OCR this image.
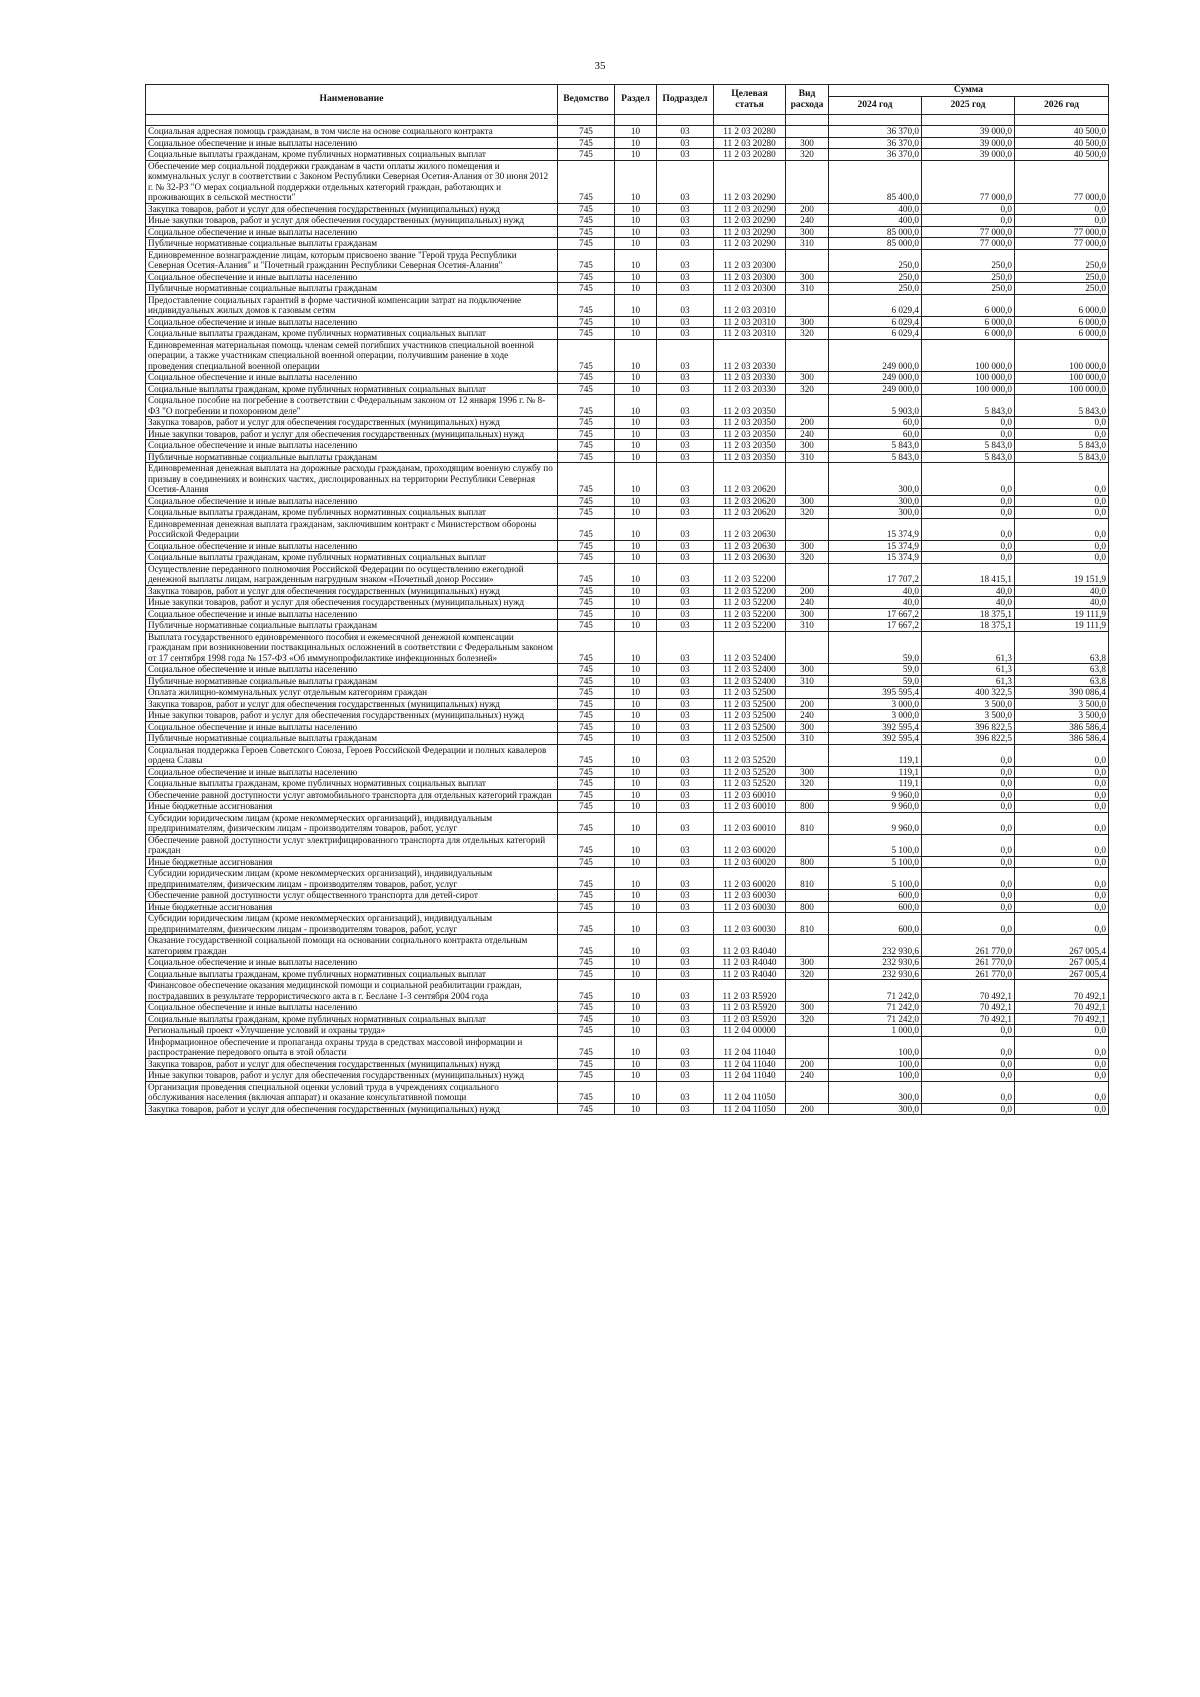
35
Наименование	Ведомство	Раздел	Подраздел	Целевая статья	Вид расхода	Сумма		
						2024 год	2025 год	2026 год

Социальная адресная помощь гражданам, в том числе на основе социального контракта	745	10	03	11 2 03 20280		36 370,0	39 000,0	40 500,0
Социальное обеспечение и иные выплаты населению	745	10	03	11 2 03 20280	300	36 370,0	39 000,0	40 500,0
Социальные выплаты гражданам, кроме публичных нормативных социальных выплат	745	10	03	11 2 03 20280	320	36 370,0	39 000,0	40 500,0
Обеспечение мер социальной поддержки гражданам в части оплаты жилого помещения и коммунальных услуг в соответствии с Законом Республики Северная Осетия-Алания от 30 июня 2012 г. № 32-РЗ "О мерах социальной поддержки отдельных категорий граждан, работающих и проживающих в сельской местности"	745	10	03	11 2 03 20290		85 400,0	77 000,0	77 000,0
Закупка товаров, работ и услуг для обеспечения государственных (муниципальных) нужд	745	10	03	11 2 03 20290	200	400,0	0,0	0,0
Иные закупки товаров, работ и услуг для обеспечения государственных (муниципальных) нужд	745	10	03	11 2 03 20290	240	400,0	0,0	0,0
Социальное обеспечение и иные выплаты населению	745	10	03	11 2 03 20290	300	85 000,0	77 000,0	77 000,0
Публичные нормативные социальные выплаты гражданам	745	10	03	11 2 03 20290	310	85 000,0	77 000,0	77 000,0
Единовременное вознаграждение лицам, которым присвоено звание "Герой труда Республики Северная Осетия-Алания" и "Почетный гражданин Республики Северная Осетия-Алания"	745	10	03	11 2 03 20300		250,0	250,0	250,0
Социальное обеспечение и иные выплаты населению	745	10	03	11 2 03 20300	300	250,0	250,0	250,0
Публичные нормативные социальные выплаты гражданам	745	10	03	11 2 03 20300	310	250,0	250,0	250,0
Предоставление социальных гарантий в форме частичной компенсации затрат на подключение индивидуальных жилых домов к газовым сетям	745	10	03	11 2 03 20310		6 029,4	6 000,0	6 000,0
Социальное обеспечение и иные выплаты населению	745	10	03	11 2 03 20310	300	6 029,4	6 000,0	6 000,0
Социальные выплаты гражданам, кроме публичных нормативных социальных выплат	745	10	03	11 2 03 20310	320	6 029,4	6 000,0	6 000,0
Единовременная материальная помощь членам семей погибших участников специальной военной операции, а также участникам специальной военной операции, получившим ранение в ходе проведения специальной военной операции	745	10	03	11 2 03 20330		249 000,0	100 000,0	100 000,0
Социальное обеспечение и иные выплаты населению	745	10	03	11 2 03 20330	300	249 000,0	100 000,0	100 000,0
Социальные выплаты гражданам, кроме публичных нормативных социальных выплат	745	10	03	11 2 03 20330	320	249 000,0	100 000,0	100 000,0
Социальное пособие на погребение в соответствии с Федеральным законом от 12 января 1996 г. № 8-ФЗ "О погребении и похоронном деле"	745	10	03	11 2 03 20350		5 903,0	5 843,0	5 843,0
Закупка товаров, работ и услуг для обеспечения государственных (муниципальных) нужд	745	10	03	11 2 03 20350	200	60,0	0,0	0,0
Иные закупки товаров, работ и услуг для обеспечения государственных (муниципальных) нужд	745	10	03	11 2 03 20350	240	60,0	0,0	0,0
Социальное обеспечение и иные выплаты населению	745	10	03	11 2 03 20350	300	5 843,0	5 843,0	5 843,0
Публичные нормативные социальные выплаты гражданам	745	10	03	11 2 03 20350	310	5 843,0	5 843,0	5 843,0
Единовременная денежная выплата на дорожные расходы гражданам, проходящим военную службу по призыву в соединениях и воинских частях, дислоцированных на территории Республики Северная Осетия-Алания	745	10	03	11 2 03 20620		300,0	0,0	0,0
Социальное обеспечение и иные выплаты населению	745	10	03	11 2 03 20620	300	300,0	0,0	0,0
Социальные выплаты гражданам, кроме публичных нормативных социальных выплат	745	10	03	11 2 03 20620	320	300,0	0,0	0,0
Единовременная денежная выплата гражданам, заключившим контракт с Министерством обороны Российской Федерации	745	10	03	11 2 03 20630		15 374,9	0,0	0,0
Социальное обеспечение и иные выплаты населению	745	10	03	11 2 03 20630	300	15 374,9	0,0	0,0
Социальные выплаты гражданам, кроме публичных нормативных социальных выплат	745	10	03	11 2 03 20630	320	15 374,9	0,0	0,0
Осуществление переданного полномочия Российской Федерации по осуществлению ежегодной денежной выплаты лицам, награжденным нагрудным знаком «Почетный донор России»	745	10	03	11 2 03 52200		17 707,2	18 415,1	19 151,9
Закупка товаров, работ и услуг для обеспечения государственных (муниципальных) нужд	745	10	03	11 2 03 52200	200	40,0	40,0	40,0
Иные закупки товаров, работ и услуг для обеспечения государственных (муниципальных) нужд	745	10	03	11 2 03 52200	240	40,0	40,0	40,0
Социальное обеспечение и иные выплаты населению	745	10	03	11 2 03 52200	300	17 667,2	18 375,1	19 111,9
Публичные нормативные социальные выплаты гражданам	745	10	03	11 2 03 52200	310	17 667,2	18 375,1	19 111,9
Выплата государственного единовременного пособия и ежемесячной денежной компенсации гражданам при возникновении поствакцинальных осложнений в соответствии с Федеральным законом от 17 сентября 1998 года № 157-ФЗ «Об иммунопрофилактике инфекционных болезней»	745	10	03	11 2 03 52400		59,0	61,3	63,8
Социальное обеспечение и иные выплаты населению	745	10	03	11 2 03 52400	300	59,0	61,3	63,8
Публичные нормативные социальные выплаты гражданам	745	10	03	11 2 03 52400	310	59,0	61,3	63,8
Оплата жилищно-коммунальных услуг отдельным категориям граждан	745	10	03	11 2 03 52500		395 595,4	400 322,5	390 086,4
Закупка товаров, работ и услуг для обеспечения государственных (муниципальных) нужд	745	10	03	11 2 03 52500	200	3 000,0	3 500,0	3 500,0
Иные закупки товаров, работ и услуг для обеспечения государственных (муниципальных) нужд	745	10	03	11 2 03 52500	240	3 000,0	3 500,0	3 500,0
Социальное обеспечение и иные выплаты населению	745	10	03	11 2 03 52500	300	392 595,4	396 822,5	386 586,4
Публичные нормативные социальные выплаты гражданам	745	10	03	11 2 03 52500	310	392 595,4	396 822,5	386 586,4
Социальная поддержка Героев Советского Союза, Героев Российской Федерации и полных кавалеров ордена Славы	745	10	03	11 2 03 52520		119,1	0,0	0,0
Социальное обеспечение и иные выплаты населению	745	10	03	11 2 03 52520	300	119,1	0,0	0,0
Социальные выплаты гражданам, кроме публичных нормативных социальных выплат	745	10	03	11 2 03 52520	320	119,1	0,0	0,0
Обеспечение равной доступности услуг автомобильного транспорта для отдельных категорий граждан	745	10	03	11 2 03 60010		9 960,0	0,0	0,0
Иные бюджетные ассигнования	745	10	03	11 2 03 60010	800	9 960,0	0,0	0,0
Субсидии юридическим лицам (кроме некоммерческих организаций), индивидуальным предпринимателям, физическим лицам - производителям товаров, работ, услуг	745	10	03	11 2 03 60010	810	9 960,0	0,0	0,0
Обеспечение равной доступности услуг электрифицированного транспорта для отдельных категорий граждан	745	10	03	11 2 03 60020		5 100,0	0,0	0,0
Иные бюджетные ассигнования	745	10	03	11 2 03 60020	800	5 100,0	0,0	0,0
Субсидии юридическим лицам (кроме некоммерческих организаций), индивидуальным предпринимателям, физическим лицам - производителям товаров, работ, услуг	745	10	03	11 2 03 60020	810	5 100,0	0,0	0,0
Обеспечение равной доступности услуг общественного транспорта для детей-сирот	745	10	03	11 2 03 60030		600,0	0,0	0,0
Иные бюджетные ассигнования	745	10	03	11 2 03 60030	800	600,0	0,0	0,0
Субсидии юридическим лицам (кроме некоммерческих организаций), индивидуальным предпринимателям, физическим лицам - производителям товаров, работ, услуг	745	10	03	11 2 03 60030	810	600,0	0,0	0,0
Оказание государственной социальной помощи на основании социального контракта отдельным категориям граждан	745	10	03	11 2 03 R4040		232 930,6	261 770,0	267 005,4
Социальное обеспечение и иные выплаты населению	745	10	03	11 2 03 R4040	300	232 930,6	261 770,0	267 005,4
Социальные выплаты гражданам, кроме публичных нормативных социальных выплат	745	10	03	11 2 03 R4040	320	232 930,6	261 770,0	267 005,4
Финансовое обеспечение оказания медицинской помощи и социальной реабилитации граждан, пострадавших в результате террористического акта в г. Беслане 1-3 сентября 2004 года	745	10	03	11 2 03 R5920		71 242,0	70 492,1	70 492,1
Социальное обеспечение и иные выплаты населению	745	10	03	11 2 03 R5920	300	71 242,0	70 492,1	70 492,1
Социальные выплаты гражданам, кроме публичных нормативных социальных выплат	745	10	03	11 2 03 R5920	320	71 242,0	70 492,1	70 492,1
Региональный проект «Улучшение условий и охраны труда»	745	10	03	11 2 04 00000		1 000,0	0,0	0,0
Информационное обеспечение и пропаганда охраны труда в средствах массовой информации и распространение передового опыта в этой области	745	10	03	11 2 04 11040		100,0	0,0	0,0
Закупка товаров, работ и услуг для обеспечения государственных (муниципальных) нужд	745	10	03	11 2 04 11040	200	100,0	0,0	0,0
Иные закупки товаров, работ и услуг для обеспечения государственных (муниципальных) нужд	745	10	03	11 2 04 11040	240	100,0	0,0	0,0
Организация проведения специальной оценки условий труда в учреждениях социального обслуживания населения (включая аппарат) и оказание консультативной помощи	745	10	03	11 2 04 11050		300,0	0,0	0,0
Закупка товаров, работ и услуг для обеспечения государственных (муниципальных) нужд	745	10	03	11 2 04 11050	200	300,0	0,0	0,0
